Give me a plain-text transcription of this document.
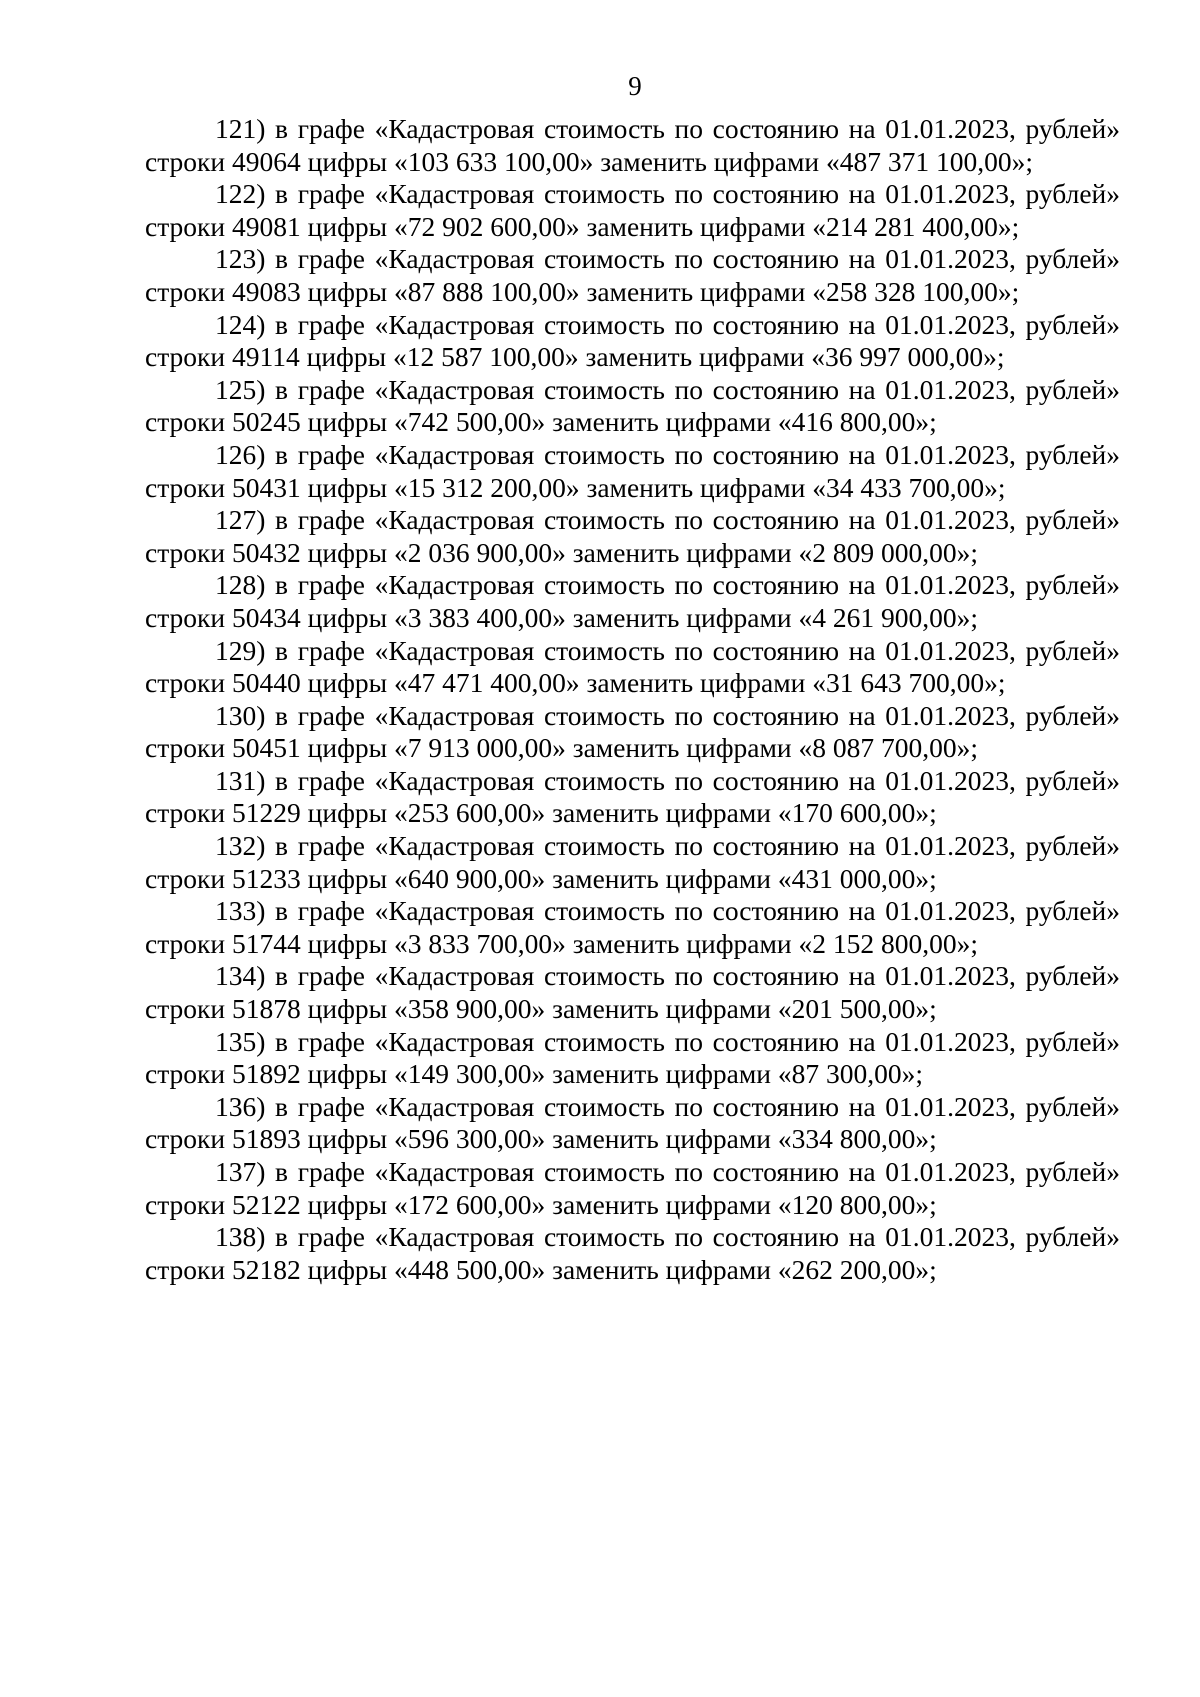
9

121) в графе «Кадастровая стоимость по состоянию на 01.01.2023, рублей» строки 49064 цифры «103 633 100,00» заменить цифрами «487 371 100,00»;

122) в графе «Кадастровая стоимость по состоянию на 01.01.2023, рублей» строки 49081 цифры «72 902 600,00» заменить цифрами «214 281 400,00»;

123) в графе «Кадастровая стоимость по состоянию на 01.01.2023, рублей» строки 49083 цифры «87 888 100,00» заменить цифрами «258 328 100,00»;

124) в графе «Кадастровая стоимость по состоянию на 01.01.2023, рублей» строки 49114 цифры «12 587 100,00» заменить цифрами «36 997 000,00»;

125) в графе «Кадастровая стоимость по состоянию на 01.01.2023, рублей» строки 50245 цифры «742 500,00» заменить цифрами «416 800,00»;

126) в графе «Кадастровая стоимость по состоянию на 01.01.2023, рублей» строки 50431 цифры «15 312 200,00» заменить цифрами «34 433 700,00»;

127) в графе «Кадастровая стоимость по состоянию на 01.01.2023, рублей» строки 50432 цифры «2 036 900,00» заменить цифрами «2 809 000,00»;

128) в графе «Кадастровая стоимость по состоянию на 01.01.2023, рублей» строки 50434 цифры «3 383 400,00» заменить цифрами «4 261 900,00»;

129) в графе «Кадастровая стоимость по состоянию на 01.01.2023, рублей» строки 50440 цифры «47 471 400,00» заменить цифрами «31 643 700,00»;

130) в графе «Кадастровая стоимость по состоянию на 01.01.2023, рублей» строки 50451 цифры «7 913 000,00» заменить цифрами «8 087 700,00»;

131) в графе «Кадастровая стоимость по состоянию на 01.01.2023, рублей» строки 51229 цифры «253 600,00» заменить цифрами «170 600,00»;

132) в графе «Кадастровая стоимость по состоянию на 01.01.2023, рублей» строки 51233 цифры «640 900,00» заменить цифрами «431 000,00»;

133) в графе «Кадастровая стоимость по состоянию на 01.01.2023, рублей» строки 51744 цифры «3 833 700,00» заменить цифрами «2 152 800,00»;

134) в графе «Кадастровая стоимость по состоянию на 01.01.2023, рублей» строки 51878 цифры «358 900,00» заменить цифрами «201 500,00»;

135) в графе «Кадастровая стоимость по состоянию на 01.01.2023, рублей» строки 51892 цифры «149 300,00» заменить цифрами «87 300,00»;

136) в графе «Кадастровая стоимость по состоянию на 01.01.2023, рублей» строки 51893 цифры «596 300,00» заменить цифрами «334 800,00»;

137) в графе «Кадастровая стоимость по состоянию на 01.01.2023, рублей» строки 52122 цифры «172 600,00» заменить цифрами «120 800,00»;

138) в графе «Кадастровая стоимость по состоянию на 01.01.2023, рублей» строки 52182 цифры «448 500,00» заменить цифрами «262 200,00»;
